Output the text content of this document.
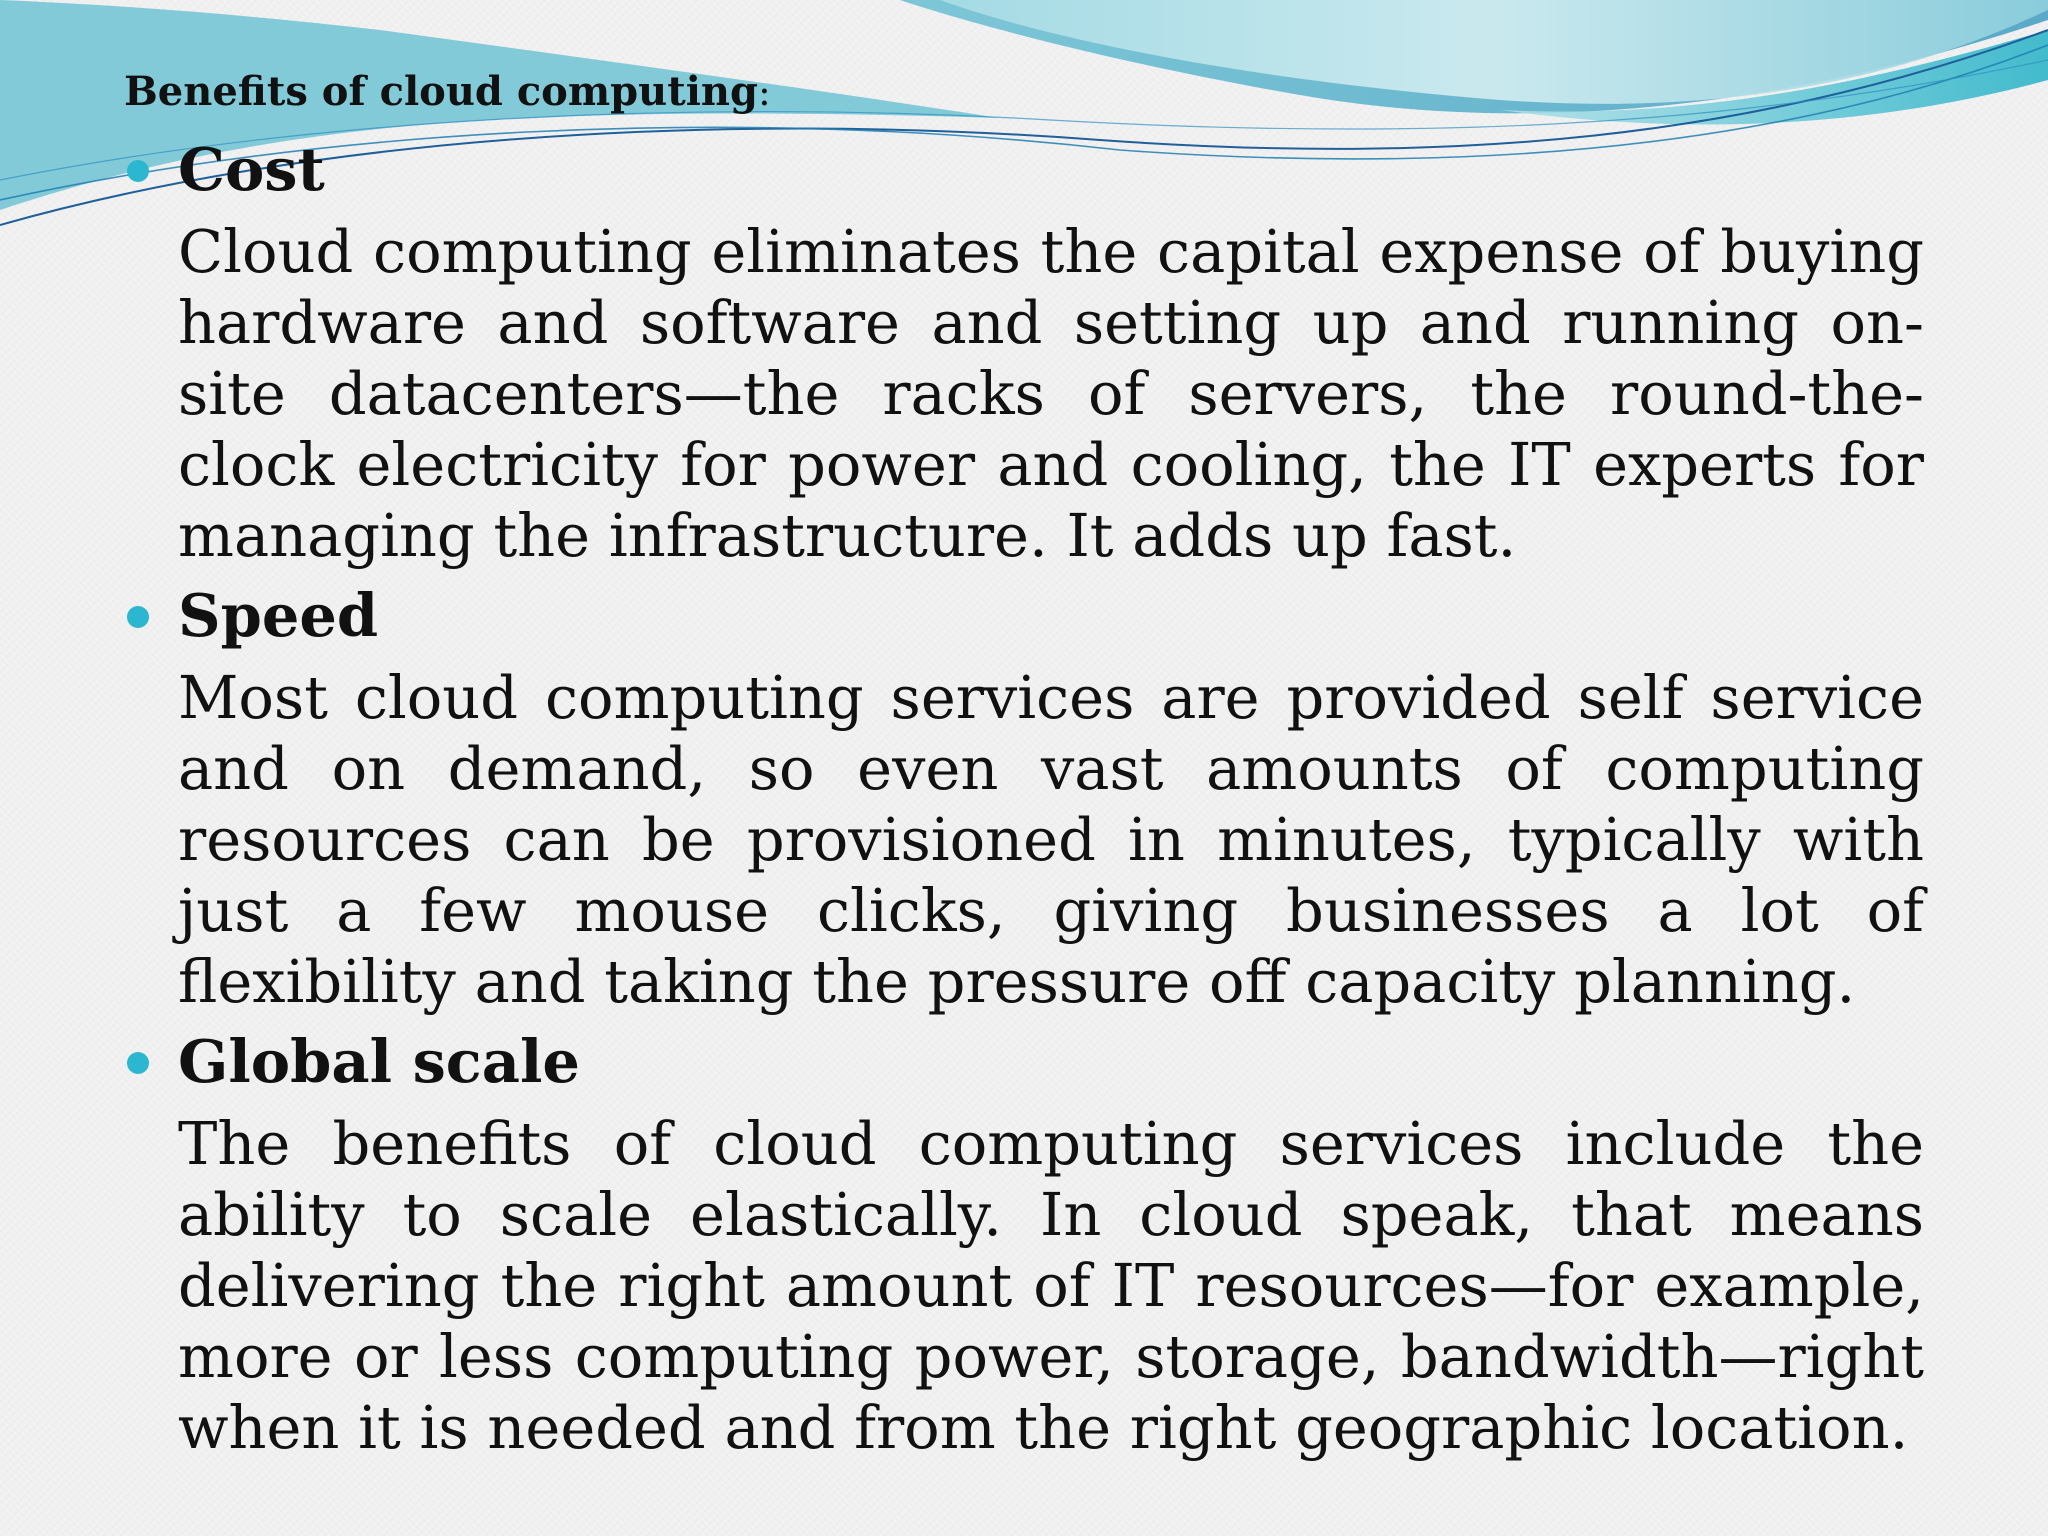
Benefits of cloud computing:
Cost

Cloud computing eliminates the capital expense of buying hardware and software and setting up and running on-site datacenters—the racks of servers, the round-the-clock electricity for power and cooling, the IT experts for managing the infrastructure. It adds up fast.

Speed

Most cloud computing services are provided self service and on demand, so even vast amounts of computing resources can be provisioned in minutes, typically with just a few mouse clicks, giving businesses a lot of flexibility and taking the pressure off capacity planning.

Global scale

The benefits of cloud computing services include the ability to scale elastically. In cloud speak, that means delivering the right amount of IT resources—for example, more or less computing power, storage, bandwidth—right when it is needed and from the right geographic location.
